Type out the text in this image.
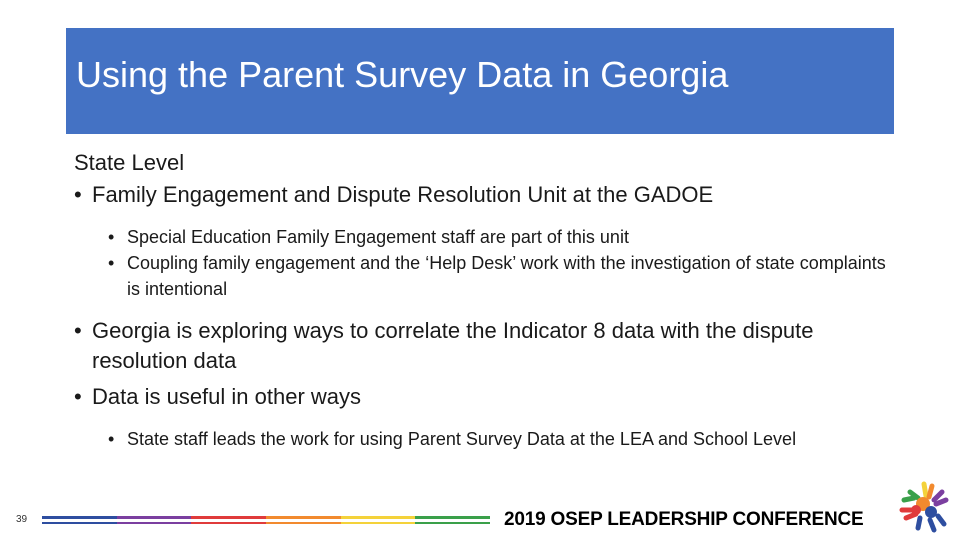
Using the Parent Survey Data in Georgia
State Level
• Family Engagement and Dispute Resolution Unit at the GADOE
• Special Education Family Engagement staff are part of this unit
• Coupling family engagement and the ‘Help Desk’ work with the investigation of state complaints is intentional
• Georgia is exploring ways to correlate the Indicator 8 data with the dispute resolution data
• Data is useful in other ways
• State staff leads the work for using Parent Survey Data at the LEA and School Level
39	2019 OSEP LEADERSHIP CONFERENCE
